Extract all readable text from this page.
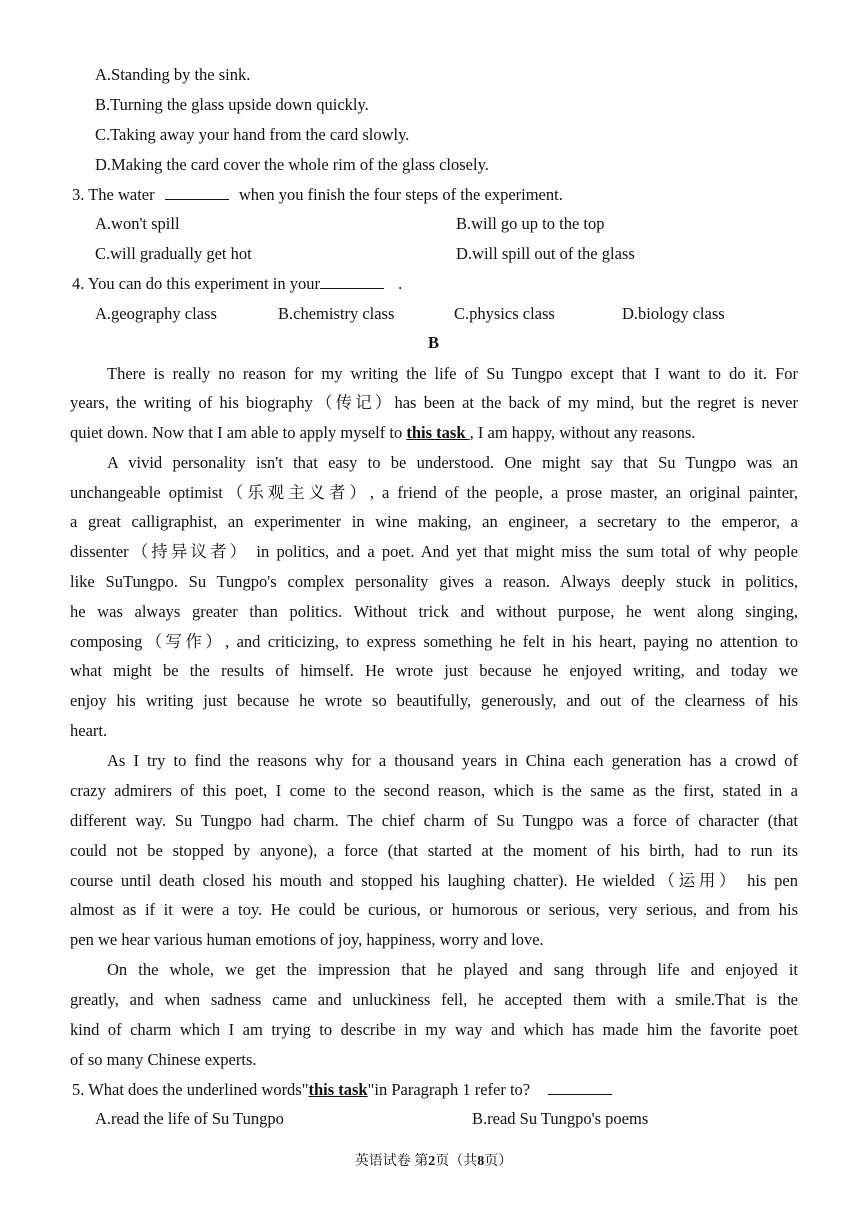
A.Standing by the sink.
B.Turning the glass upside down quickly.
C.Taking away your hand from the card slowly.
D.Making the card cover the whole rim of the glass closely.
3. The water	when you finish the four steps of the experiment.
A.won't spill	B.will go up to the top
C.will gradually get hot	D.will spill out of the glass
4. You can do this experiment in your	.
A.geography class	B.chemistry class	C.physics class	D.biology class
B
There is really no reason for my writing the life of Su Tungpo except that I want to do it. For
years, the writing of his biography（传记）has been at the back of my mind, but the regret is never
quiet down. Now that I am able to apply myself to this task , I am happy, without any reasons.
A vivid personality isn't that easy to be understood. One might say that Su Tungpo was an
unchangeable optimist（乐观主义者）, a friend of the people, a prose master, an original painter,
a great calligraphist, an experimenter in wine making, an engineer, a secretary to the emperor, a
dissenter（持异议者） in politics, and a poet. And yet that might miss the sum total of why people
like SuTungpo. Su Tungpo's complex personality gives a reason. Always deeply stuck in politics,
he was always greater than politics. Without trick and without purpose, he went along singing,
composing（写作）, and criticizing, to express something he felt in his heart, paying no attention to
what might be the results of himself. He wrote just because he enjoyed writing, and today we
enjoy his writing just because he wrote so beautifully, generously, and out of the clearness of his
heart.
As I try to find the reasons why for a thousand years in China each generation has a crowd of
crazy admirers of this poet, I come to the second reason, which is the same as the first, stated in a
different way. Su Tungpo had charm. The chief charm of Su Tungpo was a force of character (that
could not be stopped by anyone), a force (that started at the moment of his birth, had to run its
course until death closed his mouth and stopped his laughing chatter). He wielded（运用） his pen
almost as if it were a toy. He could be curious, or humorous or serious, very serious, and from his
pen we hear various human emotions of joy, happiness, worry and love.
On the whole, we get the impression that he played and sang through life and enjoyed it
greatly, and when sadness came and unluckiness fell, he accepted them with a smile.That is the
kind of charm which I am trying to describe in my way and which has made him the favorite poet
of so many Chinese experts.
5. What does the underlined words"this task"in Paragraph 1 refer to?
A.read the life of Su Tungpo	B.read Su Tungpo's poems
英语试卷 第2页（共8页）
